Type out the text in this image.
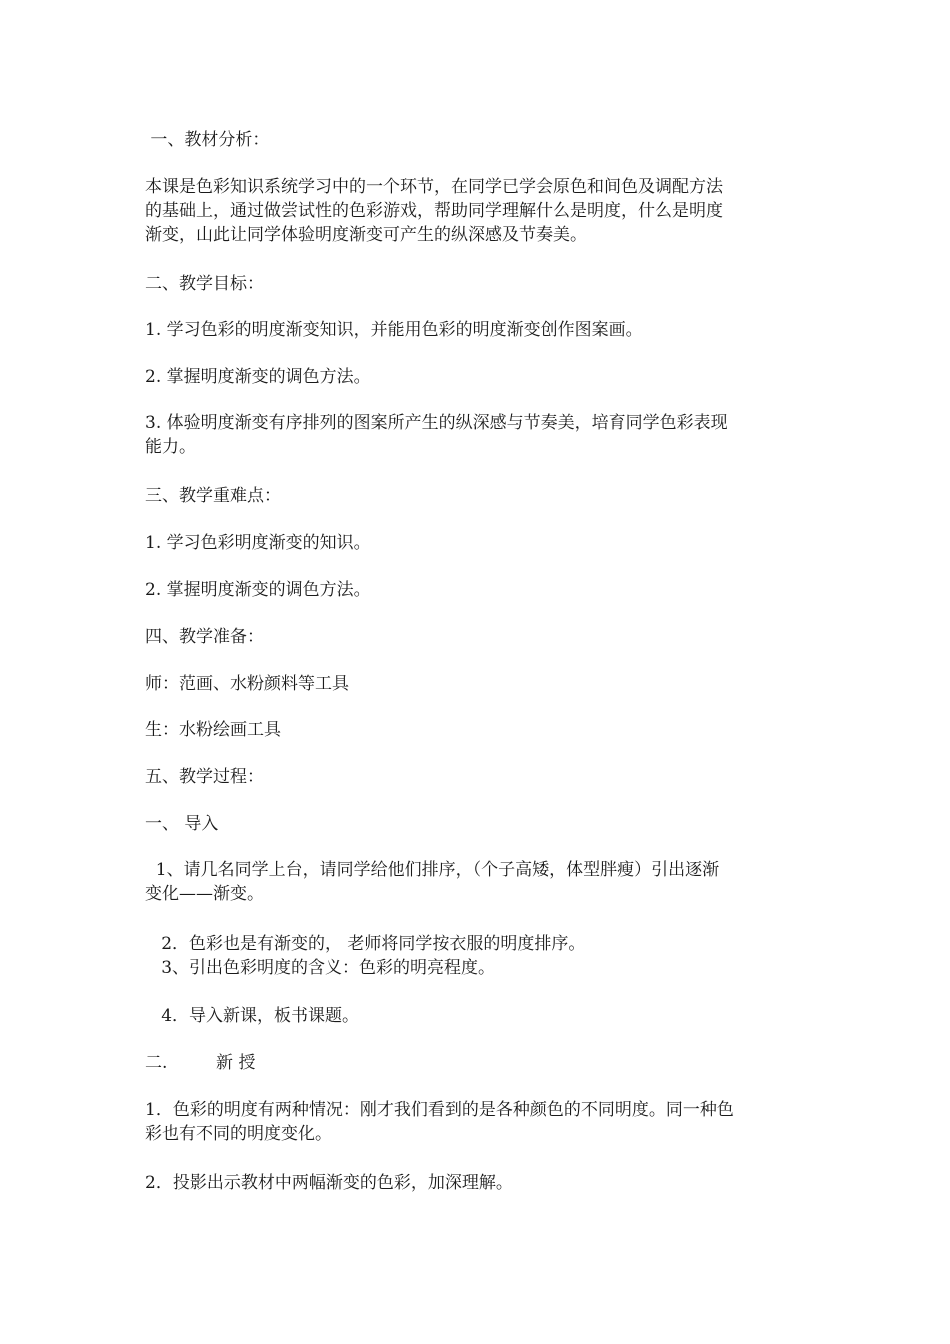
一、教材分析：

本课是色彩知识系统学习中的一个环节，在同学已学会原色和间色及调配方法
的基础上，通过做尝试性的色彩游戏，帮助同学理解什么是明度，什么是明度
渐变，山此让同学体验明度渐变可产生的纵深感及节奏美。

二、教学目标：

1. 学习色彩的明度渐变知识，并能用色彩的明度渐变创作图案画。

2. 掌握明度渐变的调色方法。

3. 体验明度渐变有序排列的图案所产生的纵深感与节奏美，培育同学色彩表现
能力。

三、教学重难点：

1. 学习色彩明度渐变的知识。

2. 掌握明度渐变的调色方法。

四、教学准备：

师：范画、水粉颜料等工具

生：水粉绘画工具

五、教学过程：

一、 导入

1、请几名同学上台，请同学给他们排序，（个子高矮，体型胖瘦）引出逐渐
变化——渐变。

2．色彩也是有渐变的， 老师将同学按衣服的明度排序。
3、引出色彩明度的含义：色彩的明亮程度。

4．导入新课，板书课题。

二.         新 授

1．色彩的明度有两种情况：刚才我们看到的是各种颜色的不同明度。同一种色
彩也有不同的明度变化。

2．投影出示教材中两幅渐变的色彩，加深理解。
